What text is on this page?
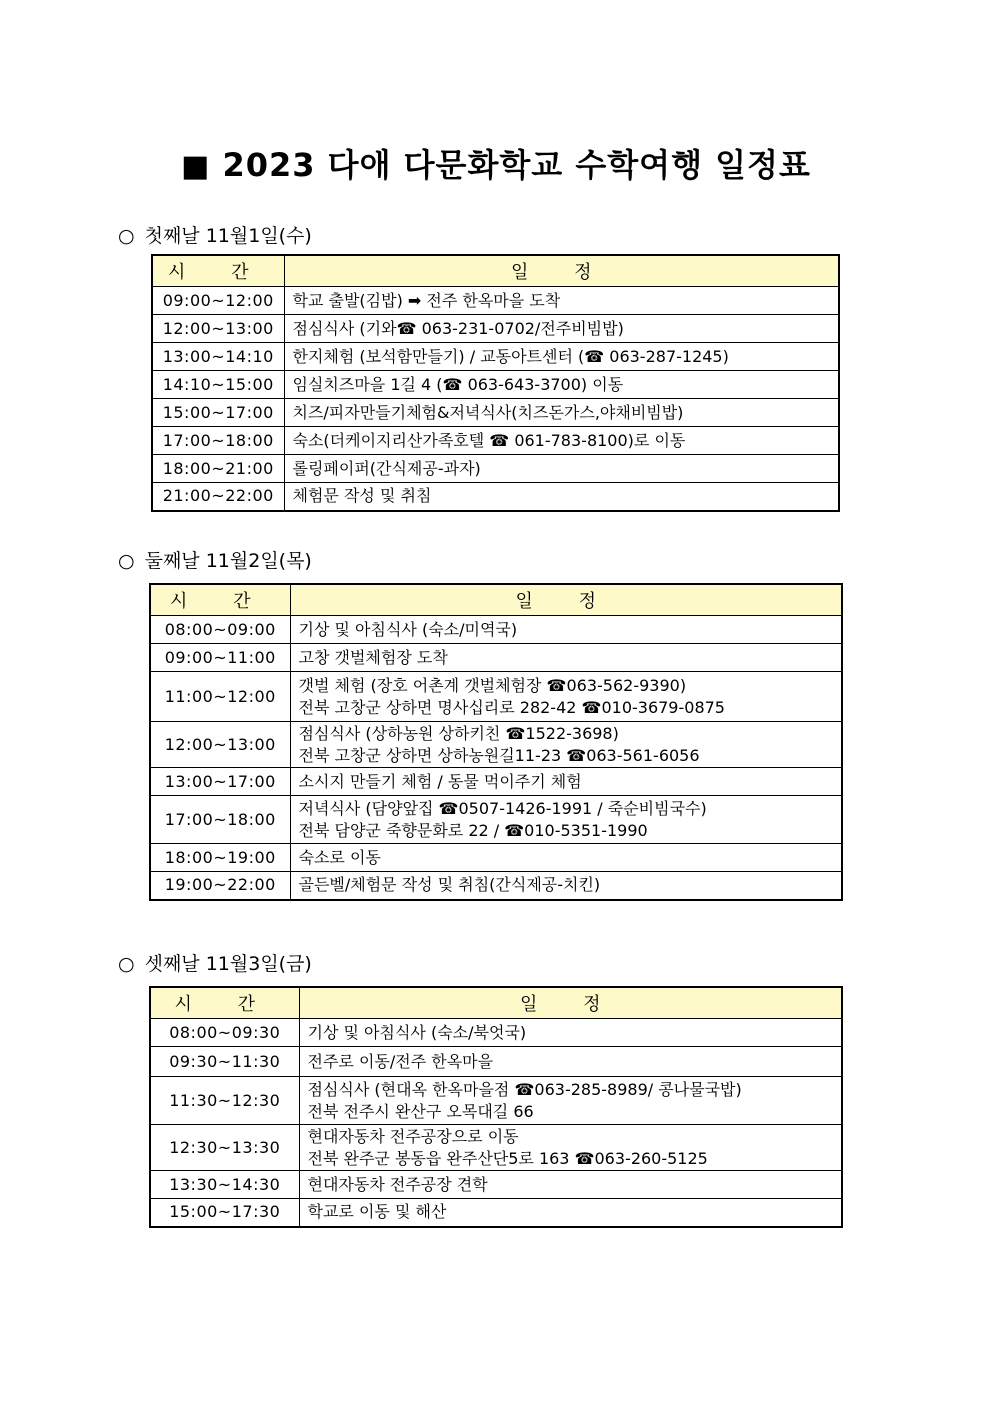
■ 2023 다애 다문화학교 수학여행 일정표
○ 첫째날 11월1일(수)
시 간	일 정
09:00~12:00	학교 출발(김밥) ➡ 전주 한옥마을 도착

12:00~13:00	점심식사 (기와☎ 063-231-0702/전주비빔밥)

13:00~14:10	한지체험 (보석함만들기) / 교동아트센터 (☎ 063-287-1245)

14:10~15:00	임실치즈마을 1길 4 (☎ 063-643-3700) 이동

15:00~17:00	치즈/피자만들기체험&저녁식사(치즈돈가스,야채비빔밥)

17:00~18:00	숙소(더케이지리산가족호텔 ☎ 061-783-8100)로 이동

18:00~21:00	롤링페이퍼(간식제공-과자)

21:00~22:00	체험문 작성 및 취침
○ 둘째날 11월2일(목)
시 간	일 정
08:00~09:00	기상 및 아침식사 (숙소/미역국)

09:00~11:00	고창 갯벌체험장 도착

11:00~12:00	갯벌 체험 (장호 어촌계 갯벌체험장 ☎063-562-9390)
전북 고창군 상하면 명사십리로 282-42 ☎010-3679-0875

12:00~13:00	점심식사 (상하농원 상하키친 ☎1522-3698)
전북 고창군 상하면 상하농원길11-23 ☎063-561-6056

13:00~17:00	소시지 만들기 체험 / 동물 먹이주기 체험

17:00~18:00	저녁식사 (담양앞집 ☎0507-1426-1991 / 죽순비빔국수)
전북 담양군 죽향문화로 22 / ☎010-5351-1990

18:00~19:00	숙소로 이동

19:00~22:00	골든벨/체험문 작성 및 취침(간식제공-치킨)
○ 셋째날 11월3일(금)
시 간	일 정
08:00~09:30	기상 및 아침식사 (숙소/북엇국)

09:30~11:30	전주로 이동/전주 한옥마을

11:30~12:30	점심식사 (현대옥 한옥마을점 ☎063-285-8989/ 콩나물국밥)
전북 전주시 완산구 오목대길 66

12:30~13:30	현대자동차 전주공장으로 이동
전북 완주군 봉동읍 완주산단5로 163 ☎063-260-5125

13:30~14:30	현대자동차 전주공장 견학

15:00~17:30	학교로 이동 및 해산
